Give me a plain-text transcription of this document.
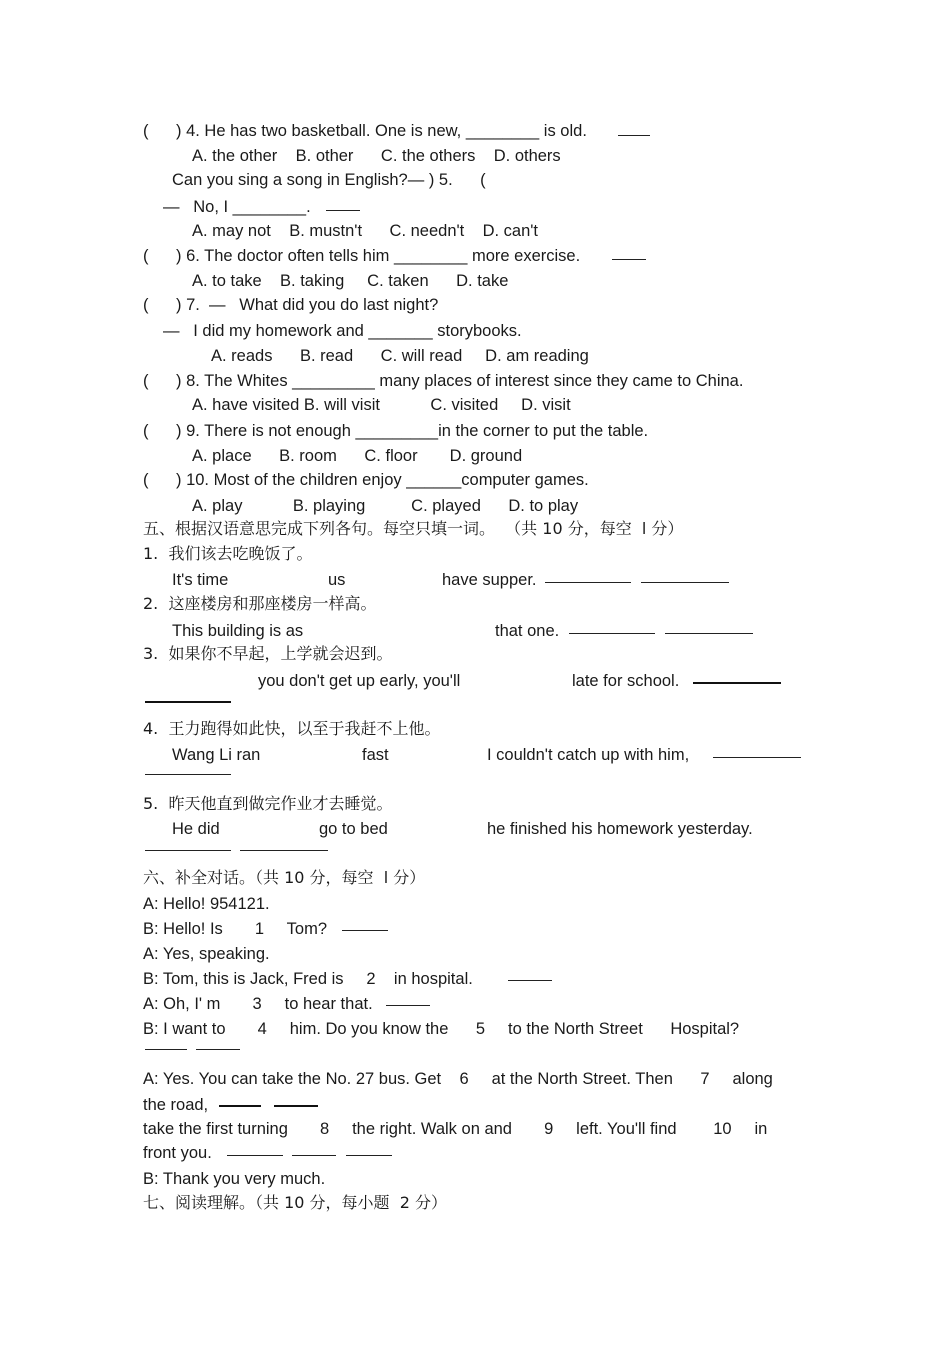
(      ) 4. He has two basketball. One is new, ________ is old.
A. the other    B. other      C. the others    D. others
Can you sing a song in English?— ) 5.      (
—   No, I ________.
A. may not    B. mustn't      C. needn't    D. can't
(      ) 6. The doctor often tells him ________ more exercise.
A. to take    B. taking     C. taken      D. take
(      ) 7.  —   What did you do last night?
—   I did my homework and _______ storybooks.
A. reads      B. read      C. will read     D. am reading
(      ) 8. The Whites _________ many places of interest since they came to China.
A. have visited B. will visit           C. visited     D. visit
(      ) 9. There is not enough _________in the corner to put the table.
A. place      B. room      C. floor       D. ground
(      ) 10. Most of the children enjoy ______computer games.
A. play           B. playing          C. played      D. to play
五、根据汉语意思完成下列各句。每空只填一词。  （共 10 分，每空  l 分）
1.  我们该去吃晚饭了。
It's time	us	have supper.
2.  这座楼房和那座楼房一样高。
This building is as	that one.
3.  如果你不早起，上学就会迟到。
you don't get up early, you'll	late for school.
4.  王力跑得如此快，以至于我赶不上他。
Wang Li ran	fast	I couldn't catch up with him,
5.  昨天他直到做完作业才去睡觉。
He did	go to bed	he finished his homework yesterday.
六、补全对话。（共 10 分，每空  l 分）
A: Hello! 954121.
B: Hello! Is       1     Tom?
A: Yes, speaking.
B: Tom, this is Jack, Fred is     2    in hospital.
A: Oh, I' m       3     to hear that.
B: I want to       4     him. Do you know the      5     to the North Street      Hospital?
A: Yes. You can take the No. 27 bus. Get    6     at the North Street. Then      7     along
the road,
take the first turning       8     the right. Walk on and       9     left. You'll find        10     in
front you.
B: Thank you very much.
七、阅读理解。（共 10 分，每小题  2 分）
